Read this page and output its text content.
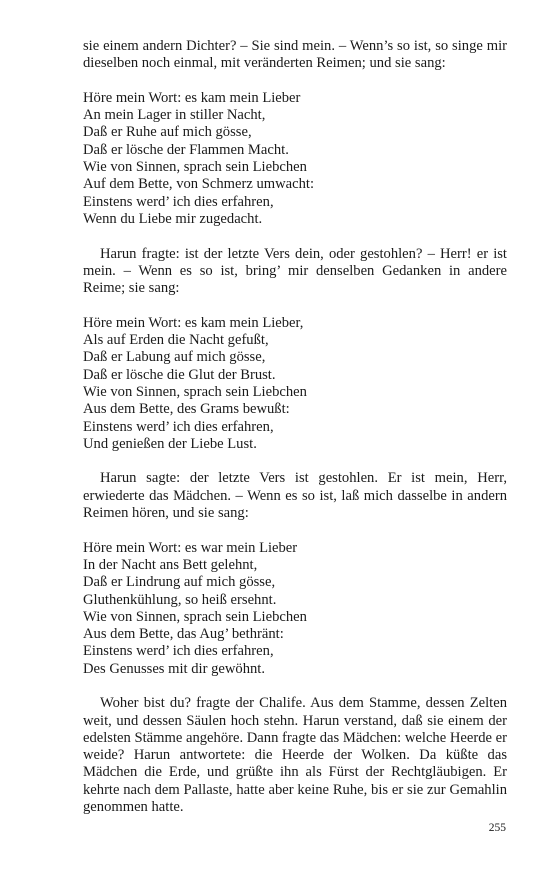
sie einem andern Dichter? – Sie sind mein. – Wenn’s so ist, so singe mir dieselben noch einmal, mit veränderten Reimen; und sie sang:

Höre mein Wort: es kam mein Lieber
An mein Lager in stiller Nacht,
Daß er Ruhe auf mich gösse,
Daß er lösche der Flammen Macht.
Wie von Sinnen, sprach sein Liebchen
Auf dem Bette, von Schmerz umwacht:
Einstens werd’ ich dies erfahren,
Wenn du Liebe mir zugedacht.

Harun fragte: ist der letzte Vers dein, oder gestohlen? – Herr! er ist mein. – Wenn es so ist, bring’ mir denselben Gedanken in andere Reime; sie sang:

Höre mein Wort: es kam mein Lieber,
Als auf Erden die Nacht gefußt,
Daß er Labung auf mich gösse,
Daß er lösche die Glut der Brust.
Wie von Sinnen, sprach sein Liebchen
Aus dem Bette, des Grams bewußt:
Einstens werd’ ich dies erfahren,
Und genießen der Liebe Lust.

Harun sagte: der letzte Vers ist gestohlen. Er ist mein, Herr, erwiederte das Mädchen. – Wenn es so ist, laß mich dasselbe in andern Reimen hören, und sie sang:

Höre mein Wort: es war mein Lieber
In der Nacht ans Bett gelehnt,
Daß er Lindrung auf mich gösse,
Gluthenkühlung, so heiß ersehnt.
Wie von Sinnen, sprach sein Liebchen
Aus dem Bette, das Aug’ bethränt:
Einstens werd’ ich dies erfahren,
Des Genusses mit dir gewöhnt.

Woher bist du? fragte der Chalife. Aus dem Stamme, dessen Zelten weit, und dessen Säulen hoch stehn. Harun verstand, daß sie einem der edelsten Stämme angehöre. Dann fragte das Mädchen: welche Heerde er weide? Harun antwortete: die Heerde der Wolken. Da küßte das Mädchen die Erde, und grüßte ihn als Fürst der Rechtgläubigen. Er kehrte nach dem Pallaste, hatte aber keine Ruhe, bis er sie zur Gemahlin genommen hatte.

255
